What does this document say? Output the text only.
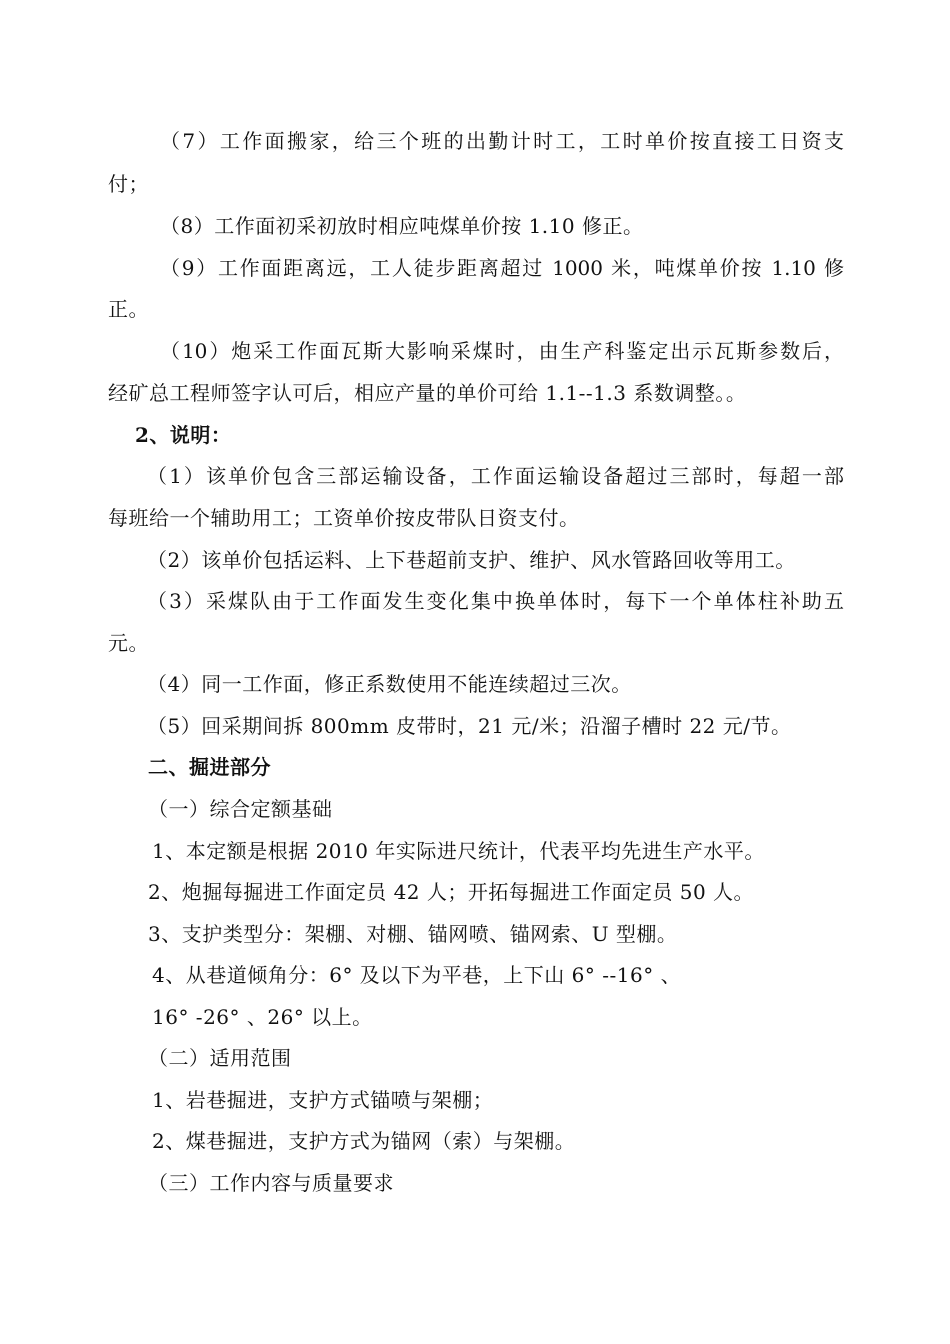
（7）工作面搬家，给三个班的出勤计时工，工时单价按直接工日资支
付；
（8）工作面初采初放时相应吨煤单价按 1.10 修正。
（9）工作面距离远，工人徒步距离超过 1000 米，吨煤单价按 1.10 修
正。
（10）炮采工作面瓦斯大影响采煤时，由生产科鉴定出示瓦斯参数后，
经矿总工程师签字认可后，相应产量的单价可给 1.1--1.3 系数调整。。
2、说明：
（1）该单价包含三部运输设备，工作面运输设备超过三部时，每超一部
每班给一个辅助用工；工资单价按皮带队日资支付。
（2）该单价包括运料、上下巷超前支护、维护、风水管路回收等用工。
（3）采煤队由于工作面发生变化集中换单体时，每下一个单体柱补助五
元。
（4）同一工作面，修正系数使用不能连续超过三次。
（5）回采期间拆 800mm 皮带时，21 元/米；沿溜子槽时 22 元/节。
二、掘进部分
（一）综合定额基础
1、本定额是根据 2010 年实际进尺统计，代表平均先进生产水平。
2、炮掘每掘进工作面定员 42 人；开拓每掘进工作面定员 50 人。
3、支护类型分：架棚、对棚、锚网喷、锚网索、U 型棚。
4、从巷道倾角分：6° 及以下为平巷，上下山 6° --16° 、
16° -26° 、26° 以上。
（二）适用范围
1、岩巷掘进，支护方式锚喷与架棚；
2、煤巷掘进，支护方式为锚网（索）与架棚。
（三）工作内容与质量要求
